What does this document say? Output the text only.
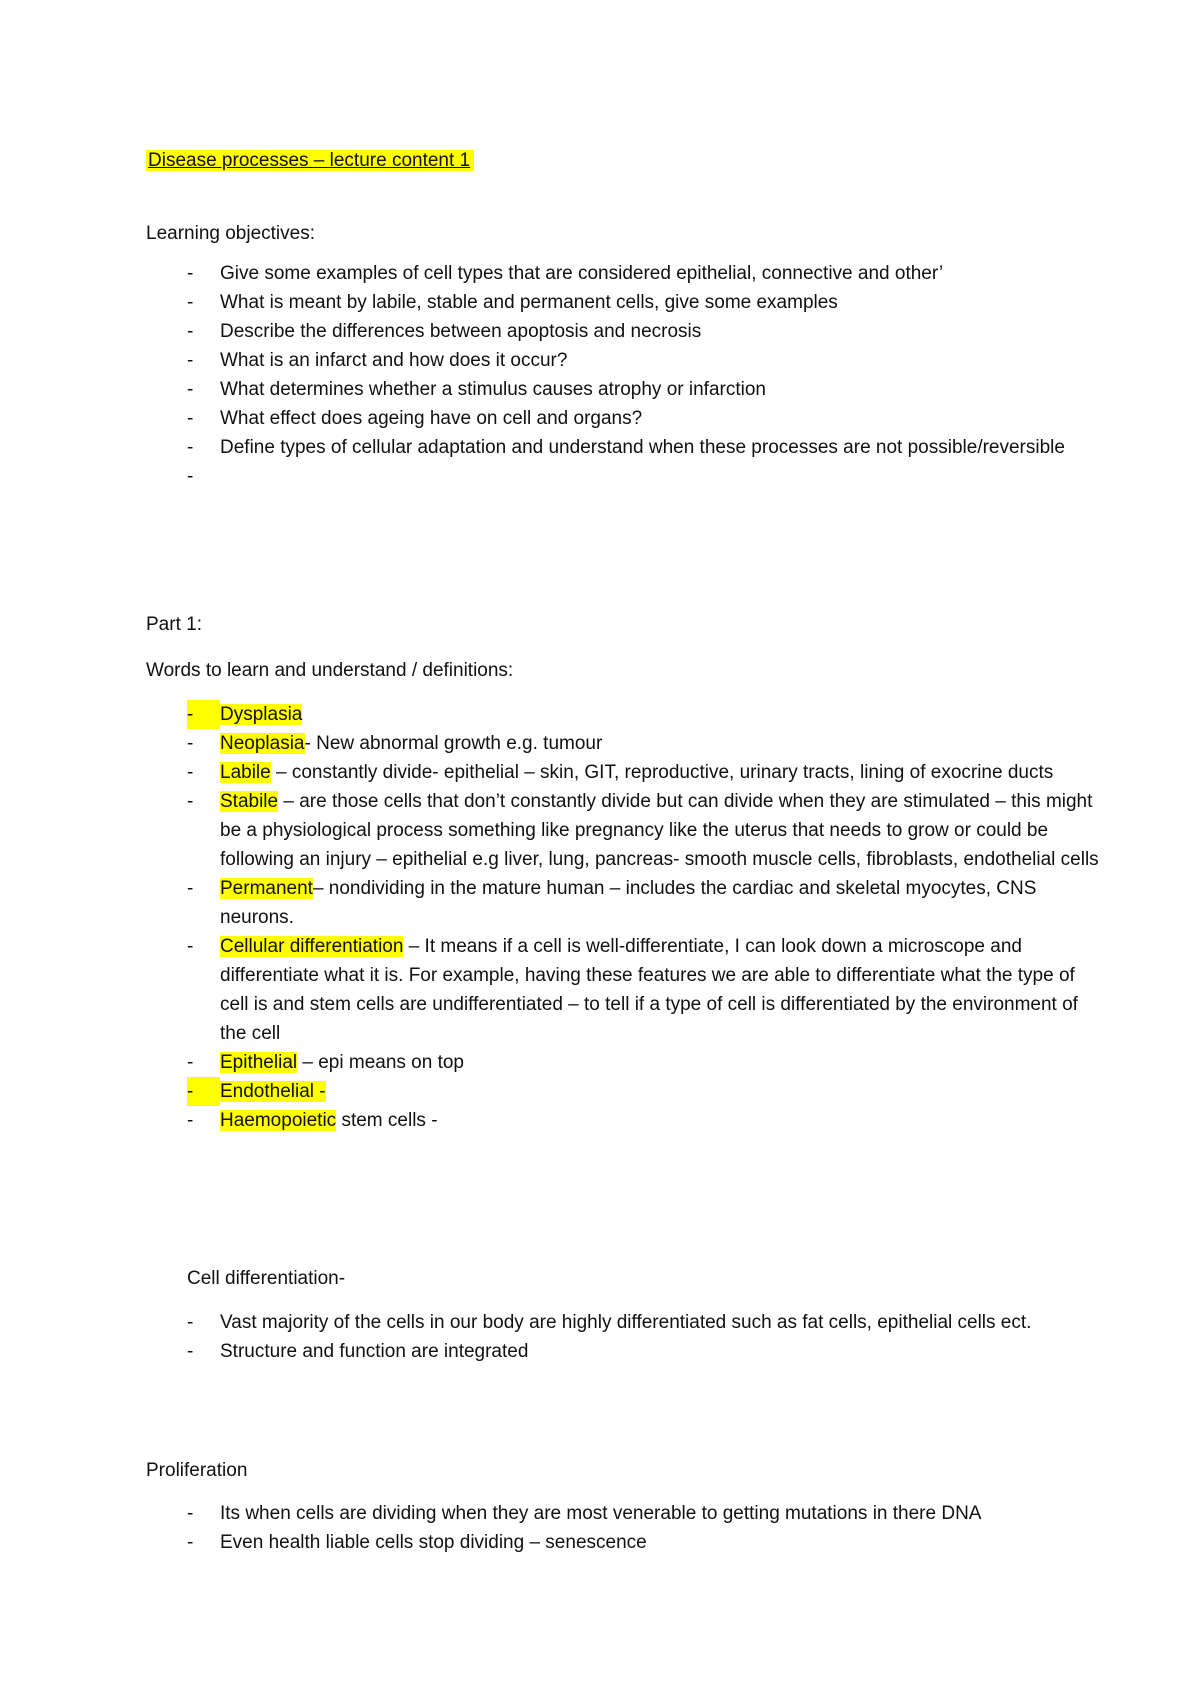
Disease processes – lecture content 1
Learning objectives:
-	Give some examples of cell types that are considered epithelial, connective and other’
-	What is meant by labile, stable and permanent cells, give some examples
-	Describe the differences between apoptosis and necrosis
-	What is an infarct and how does it occur?
-	What determines whether a stimulus causes atrophy or infarction
-	What effect does ageing have on cell and organs?
-	Define types of cellular adaptation and understand when these processes are not possible/reversible
-

Part 1:
Words to learn and understand / definitions:
-	Dysplasia
-	Neoplasia- New abnormal growth e.g. tumour
-	Labile – constantly divide- epithelial – skin, GIT, reproductive, urinary tracts, lining of exocrine ducts
-	Stabile – are those cells that don’t constantly divide but can divide when they are stimulated – this might be a physiological process something like pregnancy like the uterus that needs to grow or could be following an injury – epithelial e.g liver, lung, pancreas- smooth muscle cells, fibroblasts, endothelial cells
-	Permanent– nondividing in the mature human – includes the cardiac and skeletal myocytes, CNS neurons.
-	Cellular differentiation – It means if a cell is well-differentiate, I can look down a microscope and differentiate what it is. For example, having these features we are able to differentiate what the type of cell is and stem cells are undifferentiated – to tell if a type of cell is differentiated by the environment of the cell
-	Epithelial – epi means on top
-	Endothelial -
-	Haemopoietic stem cells -
Cell differentiation-
-	Vast majority of the cells in our body are highly differentiated such as fat cells, epithelial cells ect.
-	Structure and function are integrated
Proliferation
-	Its when cells are dividing when they are most venerable to getting mutations in there DNA
-	Even health liable cells stop dividing – senescence
